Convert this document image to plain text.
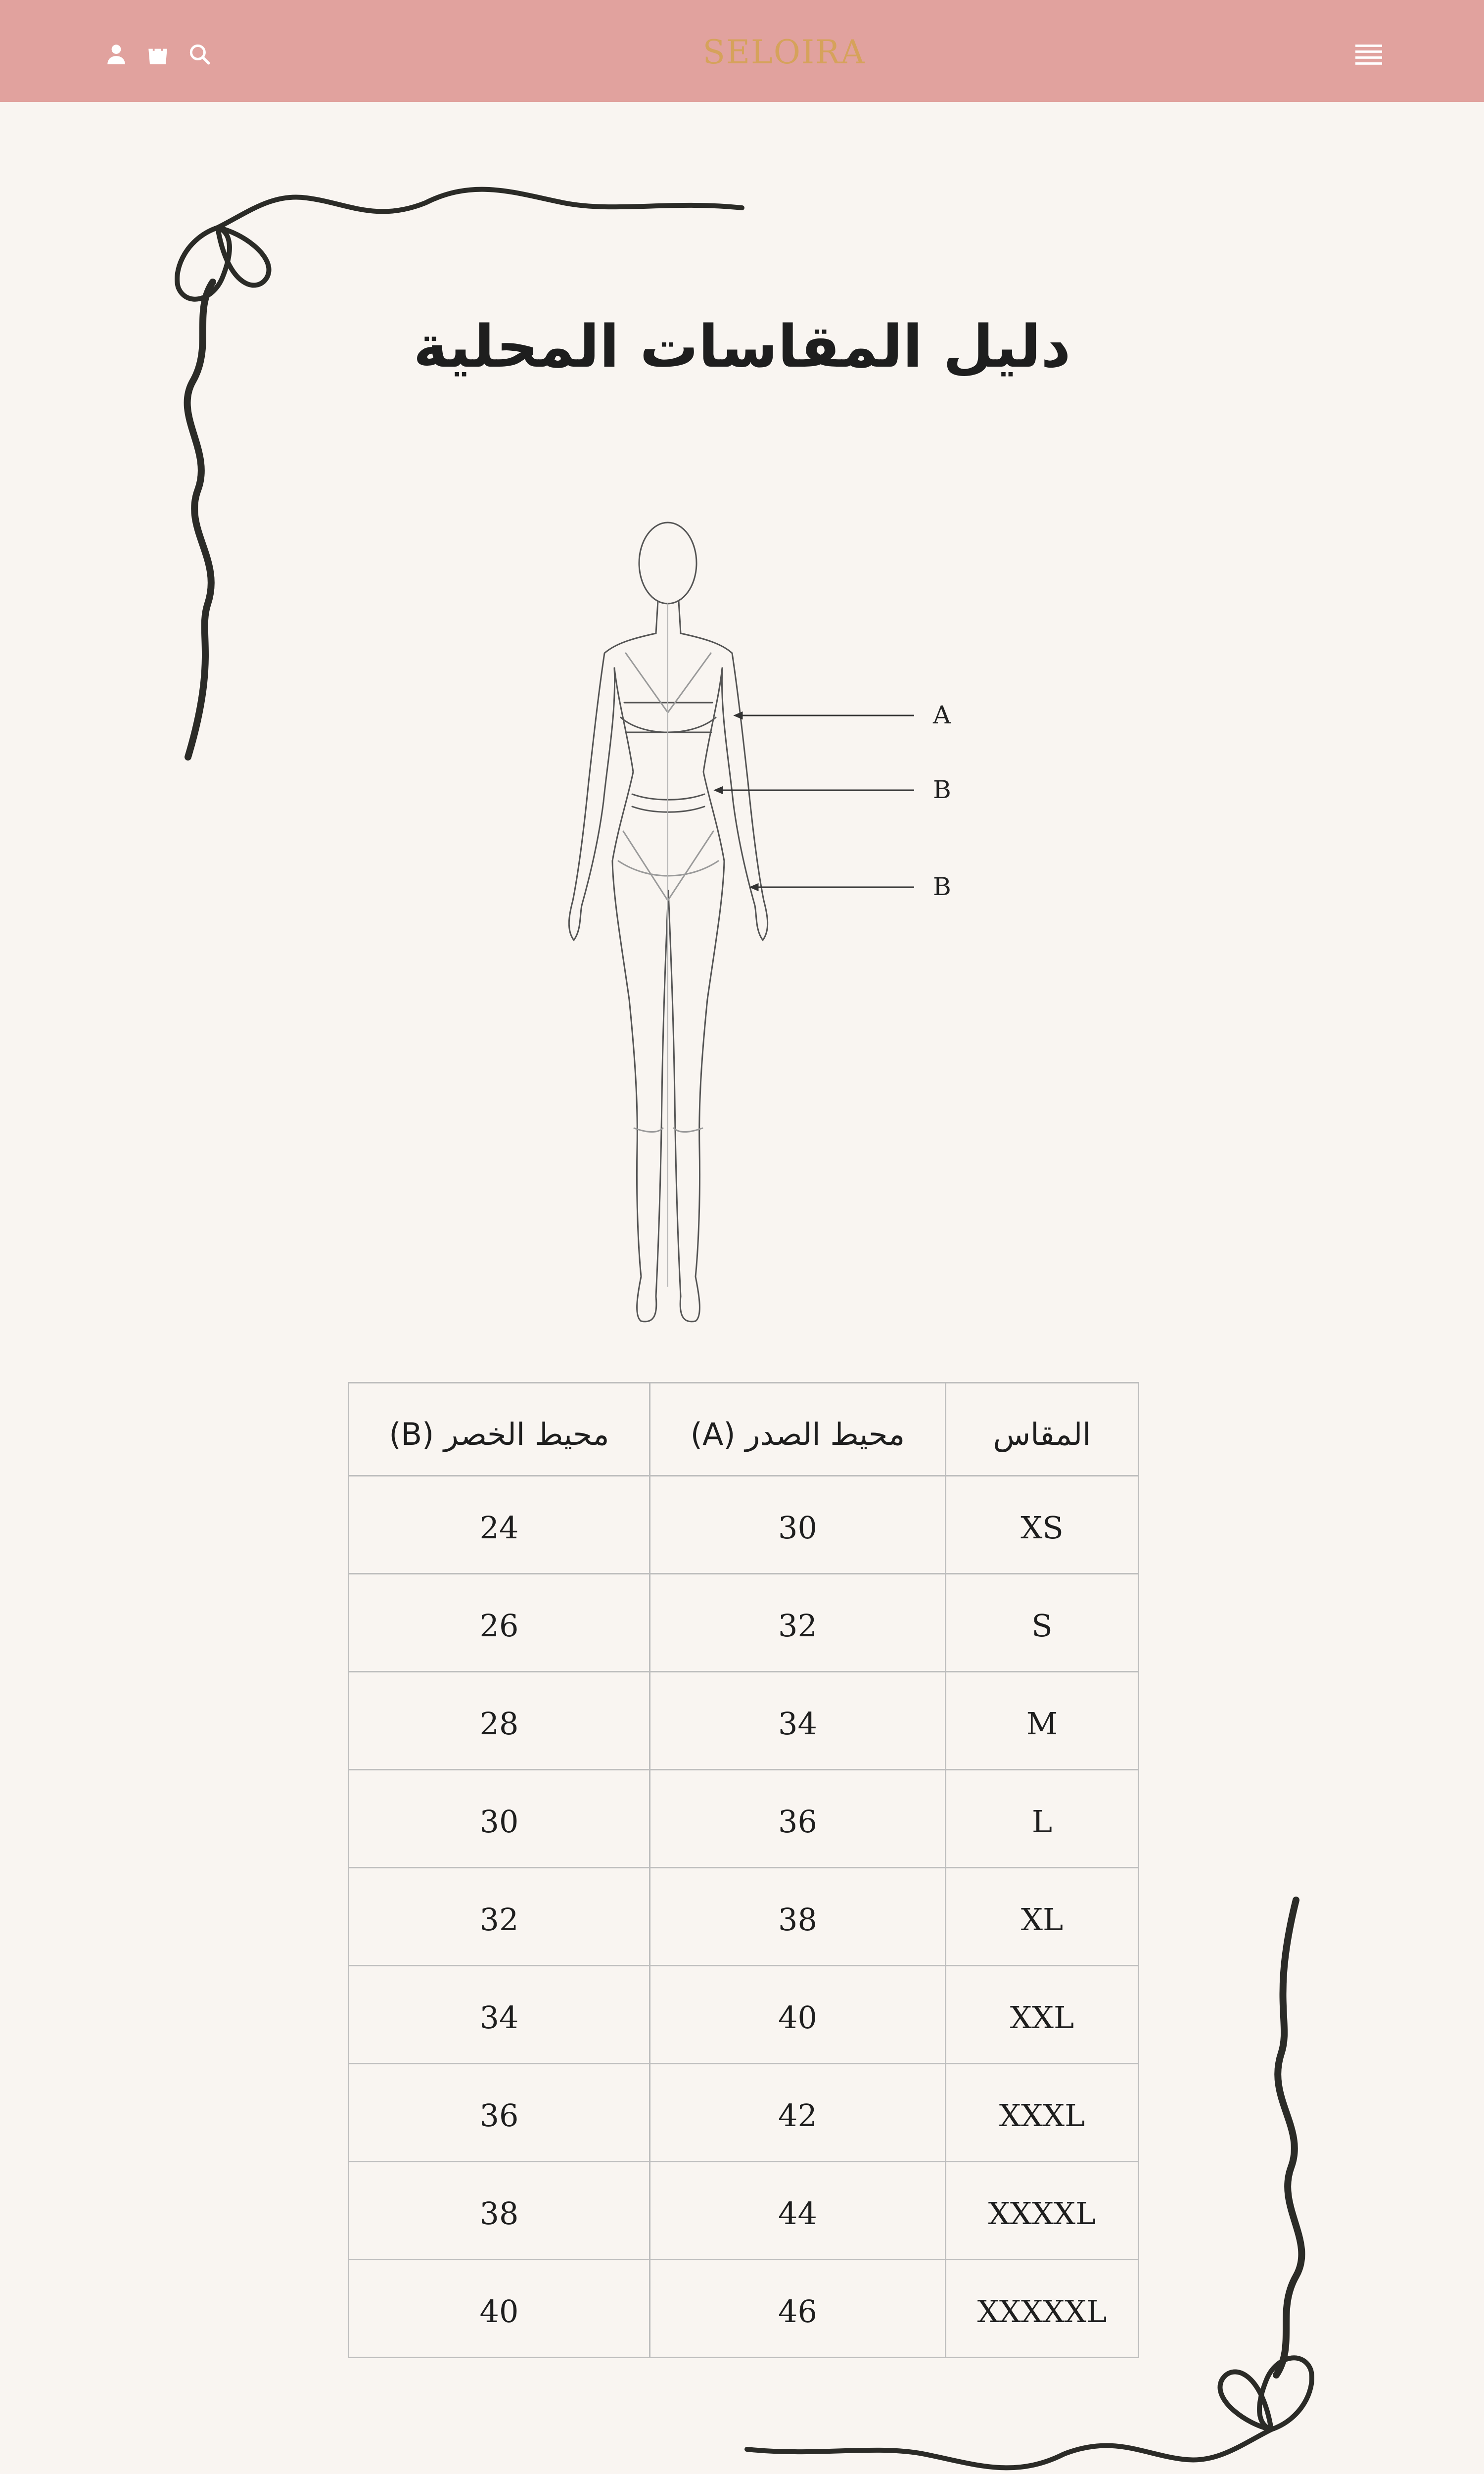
SELOIRA
دليل المقاسات المحلية
A
B
B
المقاس	محيط الصدر (A)	محيط الخصر (B)
XS	30	24
S	32	26
M	34	28
L	36	30
XL	38	32
XXL	40	34
XXXL	42	36
XXXXL	44	38
XXXXXL	46	40
